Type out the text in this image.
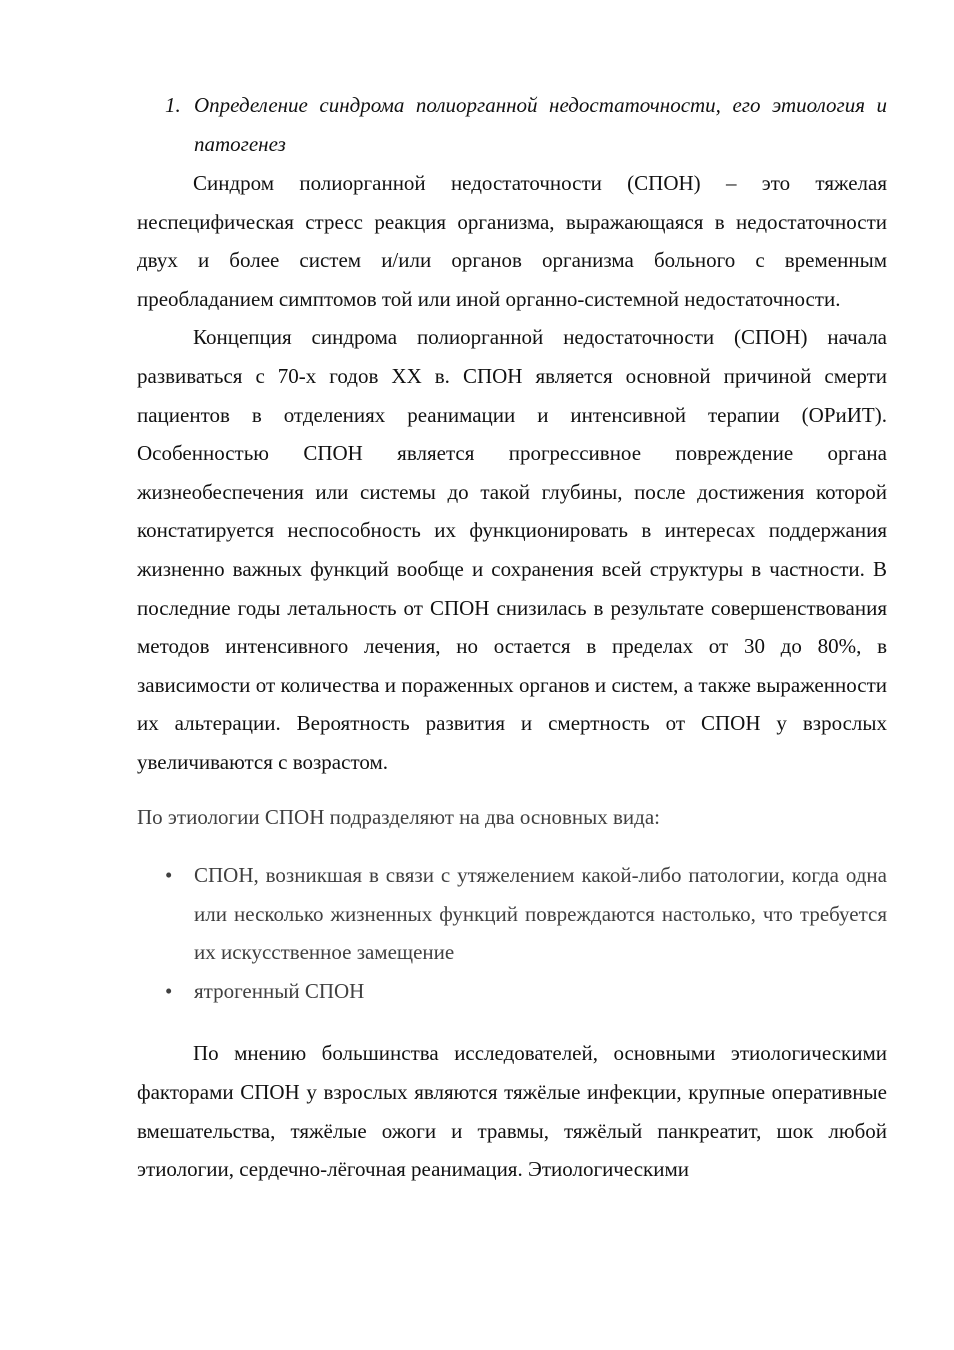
1. Определение синдрома полиорганной недостаточности, его этиология и патогенез

Синдром полиорганной недостаточности (СПОН) – это тяжелая неспецифическая стресс реакция организма, выражающаяся в недостаточности двух и более систем и/или органов организма больного с временным преобладанием симптомов той или иной органно-системной недостаточности.

Концепция синдрома полиорганной недостаточности (СПОН) начала развиваться с 70-х годов XX в. СПОН является основной причиной смерти пациентов в отделениях реанимации и интенсивной терапии (ОРиИТ). Особенностью СПОН является прогрессивное повреждение органа жизнеобеспечения или системы до такой глубины, после достижения которой констатируется неспособность их функционировать в интересах поддержания жизненно важных функций вообще и сохранения всей структуры в частности. В последние годы летальность от СПОН снизилась в результате совершенствования методов интенсивного лечения, но остается в пределах от 30 до 80%, в зависимости от количества и пораженных органов и систем, а также выраженности их альтерации. Вероятность развития и смертность от СПОН у взрослых увеличиваются с возрастом.

По этиологии СПОН подразделяют на два основных вида:

•	СПОН, возникшая в связи с утяжелением какой-либо патологии, когда одна или несколько жизненных функций повреждаются настолько, что требуется их искусственное замещение
•	ятрогенный СПОН

По мнению большинства исследователей, основными этиологическими факторами СПОН у взрослых являются тяжёлые инфекции, крупные оперативные вмешательства, тяжёлые ожоги и травмы, тяжёлый панкреатит, шок любой этиологии, сердечно-лёгочная реанимация. Этиологическими
